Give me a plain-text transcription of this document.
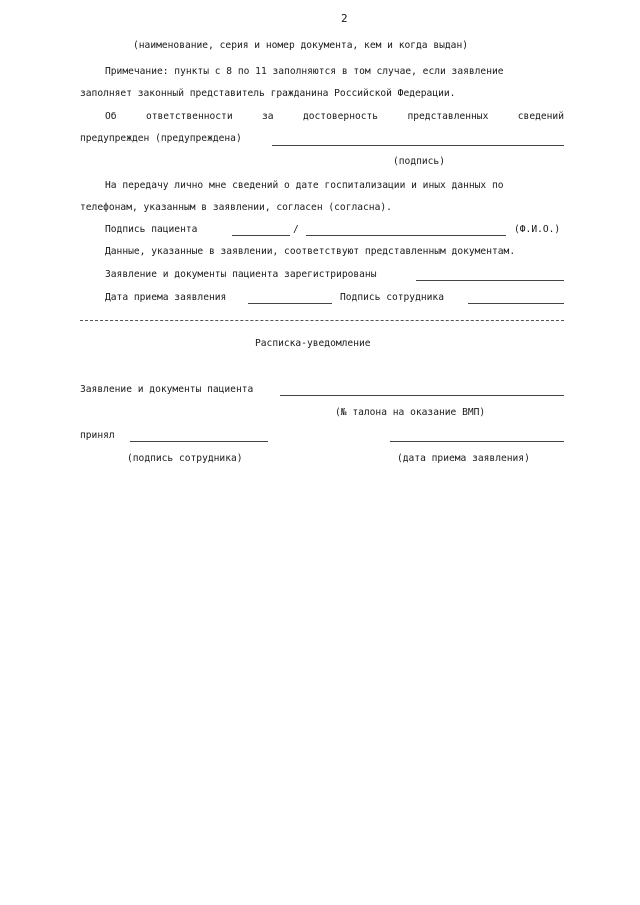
2
(наименование, серия и номер документа, кем и когда выдан)
Примечание: пункты с 8 по 11 заполняются в том случае, если заявление
заполняет законный представитель гражданина Российской Федерации.
Об	ответственности	за	достоверность	представленных	сведений
предупрежден (предупреждена)
(подпись)
На передачу лично мне сведений о дате госпитализации и иных данных по
телефонам, указанным в заявлении, согласен (согласна).
Подпись пациента	/	(Ф.И.О.)
Данные, указанные в заявлении, соответствуют представленным документам.
Заявление и документы пациента зарегистрированы
Дата приема заявления	Подпись сотрудника
Расписка-уведомление
Заявление и документы пациента
(№ талона на оказание ВМП)
принял
(подпись сотрудника)	(дата приема заявления)
